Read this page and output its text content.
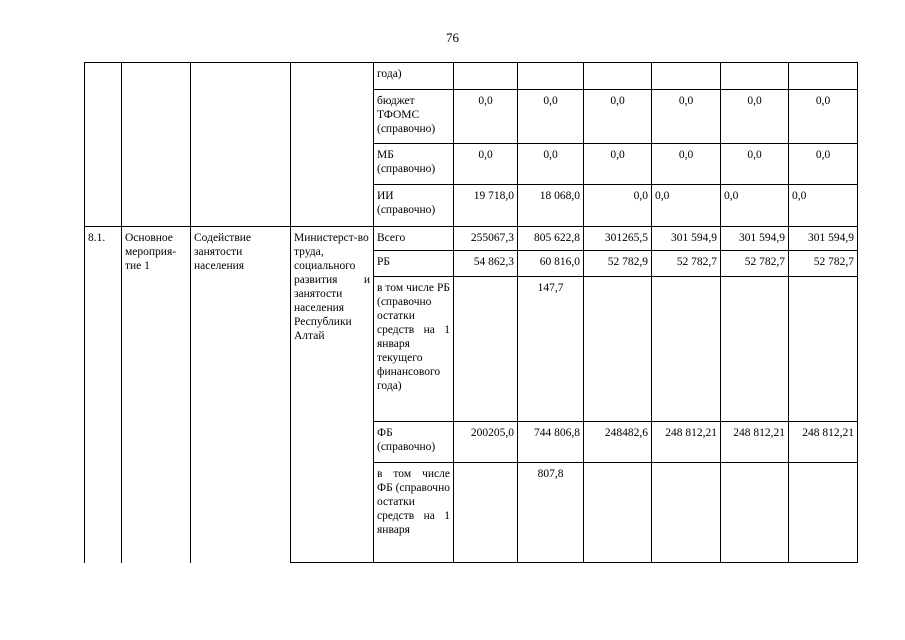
76
				года)						
				бюджет ТФОМС (справочно)	0,0	0,0	0,0	0,0	0,0	0,0
				МБ (справочно)	0,0	0,0	0,0	0,0	0,0	0,0
				ИИ (справочно)	19 718,0	18 068,0	0,0	0,0	0,0	0,0
8.1.	Основное мероприя-тие 1	Содействие занятости населения	Министерст-во труда, социального развития и занятости населения Республики Алтай	Всего	255067,3	805 622,8	301265,5	301 594,9	301 594,9	301 594,9
				РБ	54 862,3	60 816,0	52 782,9	52 782,7	52 782,7	52 782,7
				в том числе РБ (справочно остатки средств на 1 января текущего финансового года)		147,7				
				ФБ (справочно)	200205,0	744 806,8	248482,6	248 812,21	248 812,21	248 812,21
				в том числе ФБ (справочно остатки средств на 1 января		807,8				
